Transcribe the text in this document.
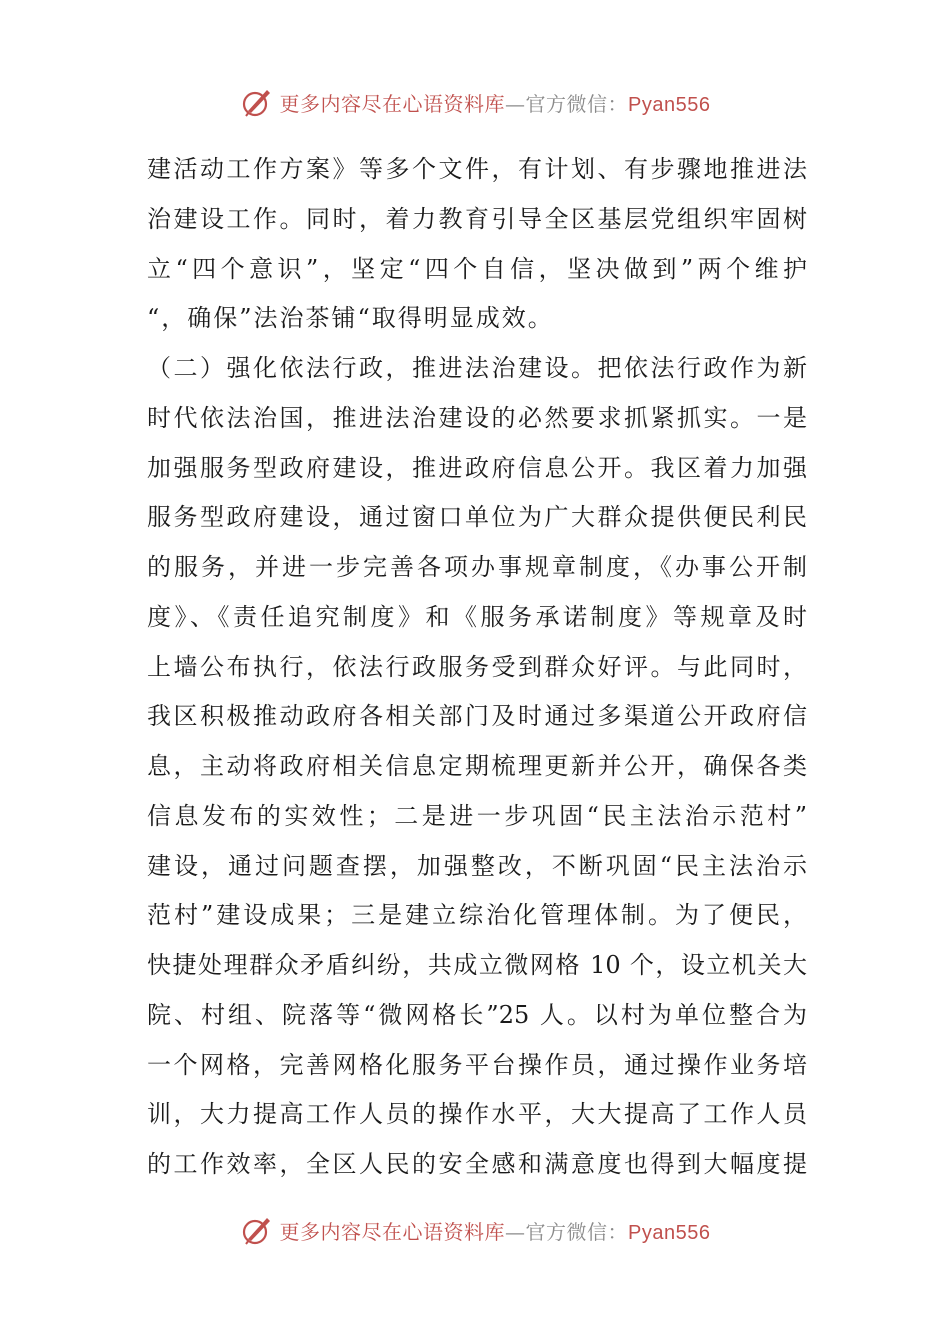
更多内容尽在心语资料库—官方微信：Pyan556
建活动工作方案》等多个文件，有计划、有步骤地推进法
治建设工作。同时，着力教育引导全区基层党组织牢固树
立“四个意识”，坚定“四个自信，坚决做到”两个维护
“，确保”法治茶铺“取得明显成效。
（二）强化依法行政，推进法治建设。把依法行政作为新
时代依法治国，推进法治建设的必然要求抓紧抓实。一是
加强服务型政府建设，推进政府信息公开。我区着力加强
服务型政府建设，通过窗口单位为广大群众提供便民利民
的服务，并进一步完善各项办事规章制度，《办事公开制
度》、《责任追究制度》和《服务承诺制度》等规章及时
上墙公布执行，依法行政服务受到群众好评。与此同时，
我区积极推动政府各相关部门及时通过多渠道公开政府信
息，主动将政府相关信息定期梳理更新并公开，确保各类
信息发布的实效性；二是进一步巩固“民主法治示范村”
建设，通过问题查摆，加强整改，不断巩固“民主法治示
范村”建设成果；三是建立综治化管理体制。为了便民，
快捷处理群众矛盾纠纷，共成立微网格 10 个，设立机关大
院、村组、院落等“微网格长”25 人。以村为单位整合为
一个网格，完善网格化服务平台操作员，通过操作业务培
训，大力提高工作人员的操作水平，大大提高了工作人员
的工作效率，全区人民的安全感和满意度也得到大幅度提
更多内容尽在心语资料库—官方微信：Pyan556
